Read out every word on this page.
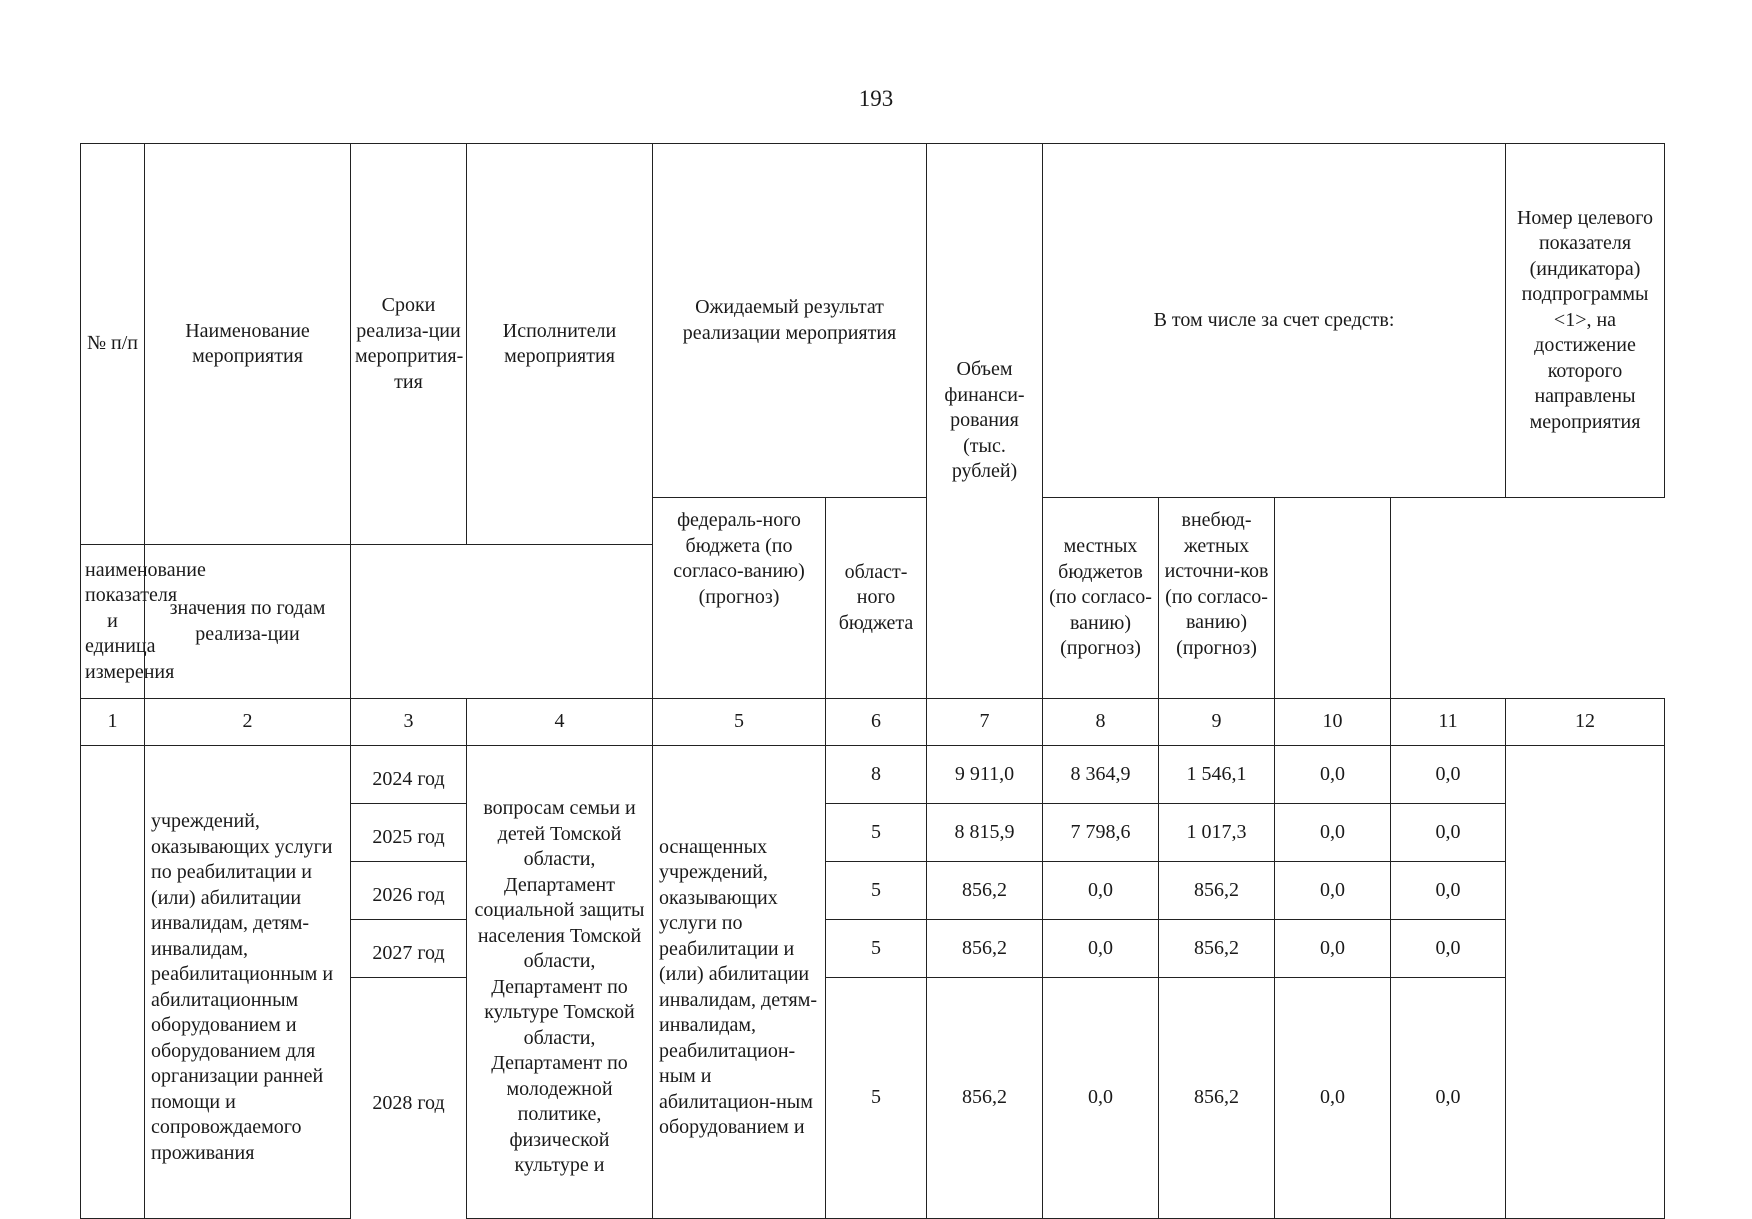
193
№ п/п	Наименование мероприятия	Сроки реализа-ции меропрития-тия	Исполнители мероприятия	Ожидаемый результат реализации мероприятия		Объем финанси-рования (тыс. рублей)	В том числе за счет средств:				Номер целевого показателя (индикатора) подпрограммы <1>, на достижение которого направлены мероприятия
				федераль-ного бюджета (по согласо-ванию) (прогноз)	област-ного бюджета		местных бюджетов (по согласо-ванию) (прогноз)	внебюд-жетных источни-ков (по согласо-ванию) (прогноз)			
наименование показателя и единица измерения	значения по годам реализа-ции										
1	2	3	4	5	6	7	8	9	10	11	12
	учреждений, оказывающих услуги по реабилитации и (или) абилитации инвалидам, детям-инвалидам, реабилитационным и абилитационным оборудованием и оборудованием для организации ранней помощи и сопровождаемого проживания	2024 год	вопросам семьи и детей Томской области, Департамент социальной защиты населения Томской области, Департамент по культуре Томской области, Департамент по молодежной политике, физической культуре и	оснащенных учреждений, оказывающих услуги по реабилитации и (или) абилитации инвалидам, детям-инвалидам, реабилитацион-ным и абилитацион-ным оборудованием и	8	9 911,0	8 364,9	1 546,1	0,0	0,0	
		2025 год			5	8 815,9	7 798,6	1 017,3	0,0	0,0	
		2026 год			5	856,2	0,0	856,2	0,0	0,0	
		2027 год			5	856,2	0,0	856,2	0,0	0,0	
		2028 год			5	856,2	0,0	856,2	0,0	0,0	
